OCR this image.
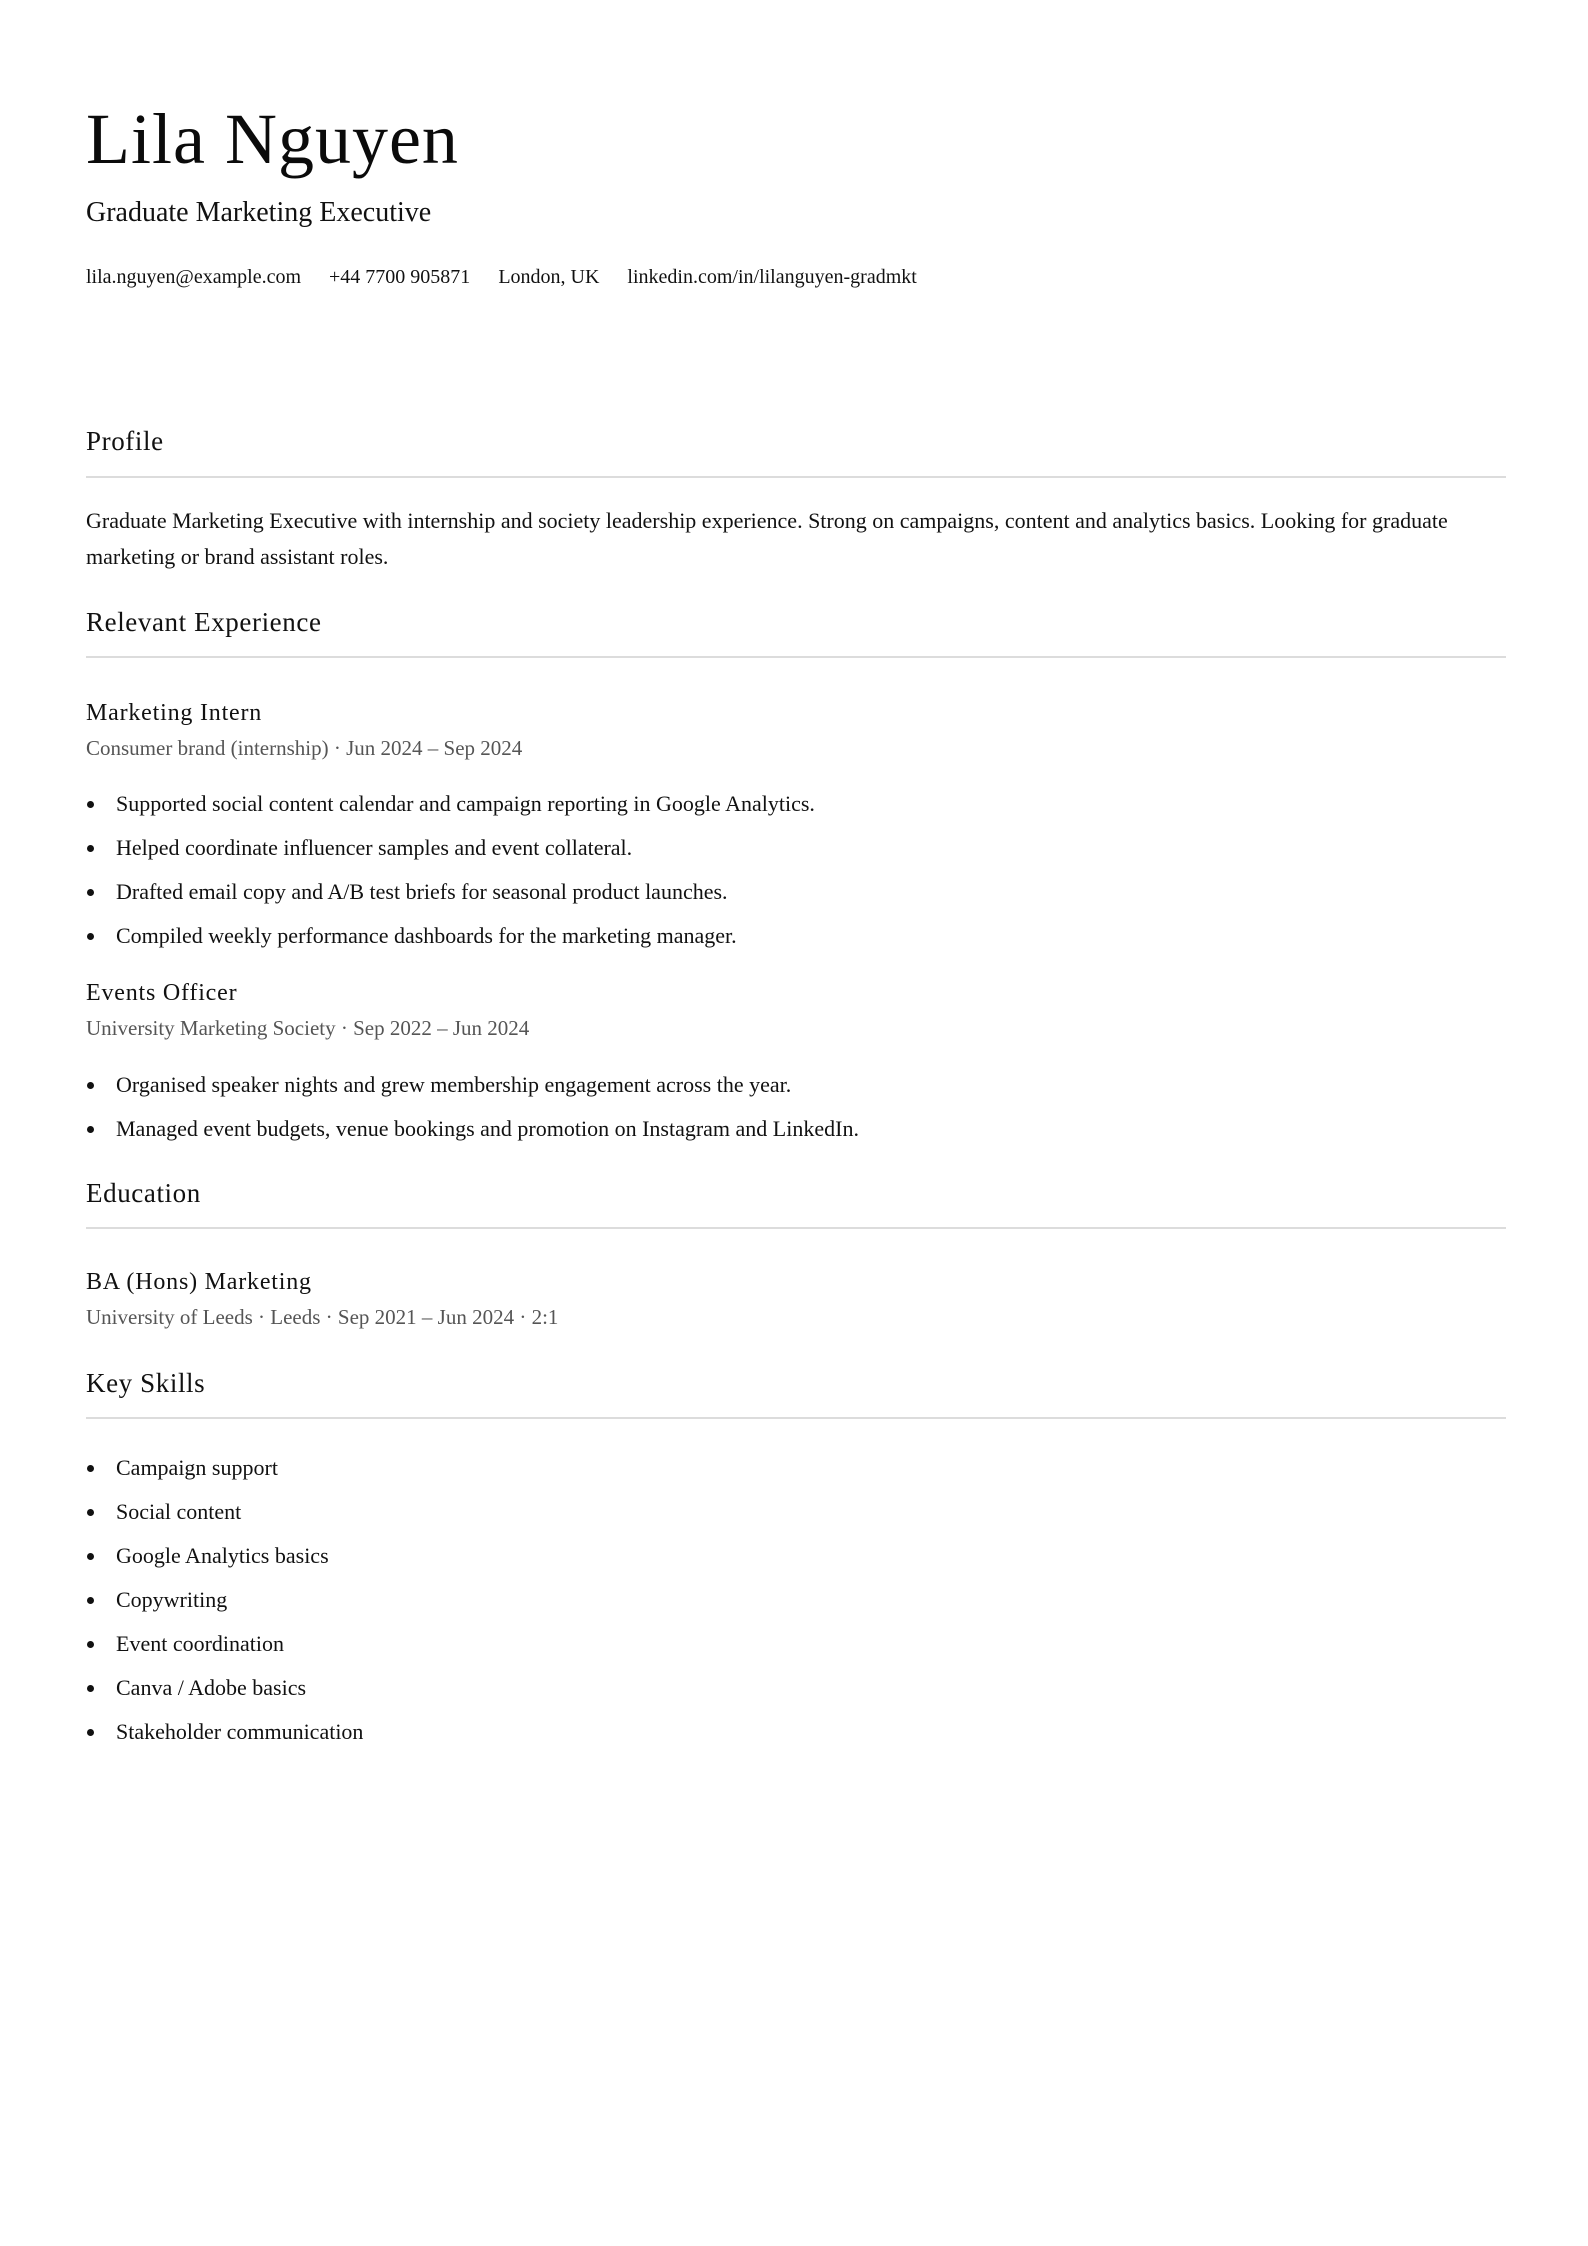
Lila Nguyen

Graduate Marketing Executive

lila.nguyen@example.com +44 7700 905871 London, UK linkedin.com/in/lilanguyen-gradmkt
Profile

Graduate Marketing Executive with internship and society leadership experience. Strong on campaigns, content and analytics basics. Looking for graduate marketing or brand assistant roles.

Relevant Experience
Marketing Intern

Consumer brand (internship) · Jun 2024 – Sep 2024

Supported social content calendar and campaign reporting in Google Analytics.
Helped coordinate influencer samples and event collateral.
Drafted email copy and A/B test briefs for seasonal product launches.
Compiled weekly performance dashboards for the marketing manager.
Events Officer

University Marketing Society · Sep 2022 – Jun 2024

Organised speaker nights and grew membership engagement across the year.
Managed event budgets, venue bookings and promotion on Instagram and LinkedIn.
Education
BA (Hons) Marketing

University of Leeds · Leeds · Sep 2021 – Jun 2024 · 2:1

Key Skills
Campaign support
Social content
Google Analytics basics
Copywriting
Event coordination
Canva / Adobe basics
Stakeholder communication
